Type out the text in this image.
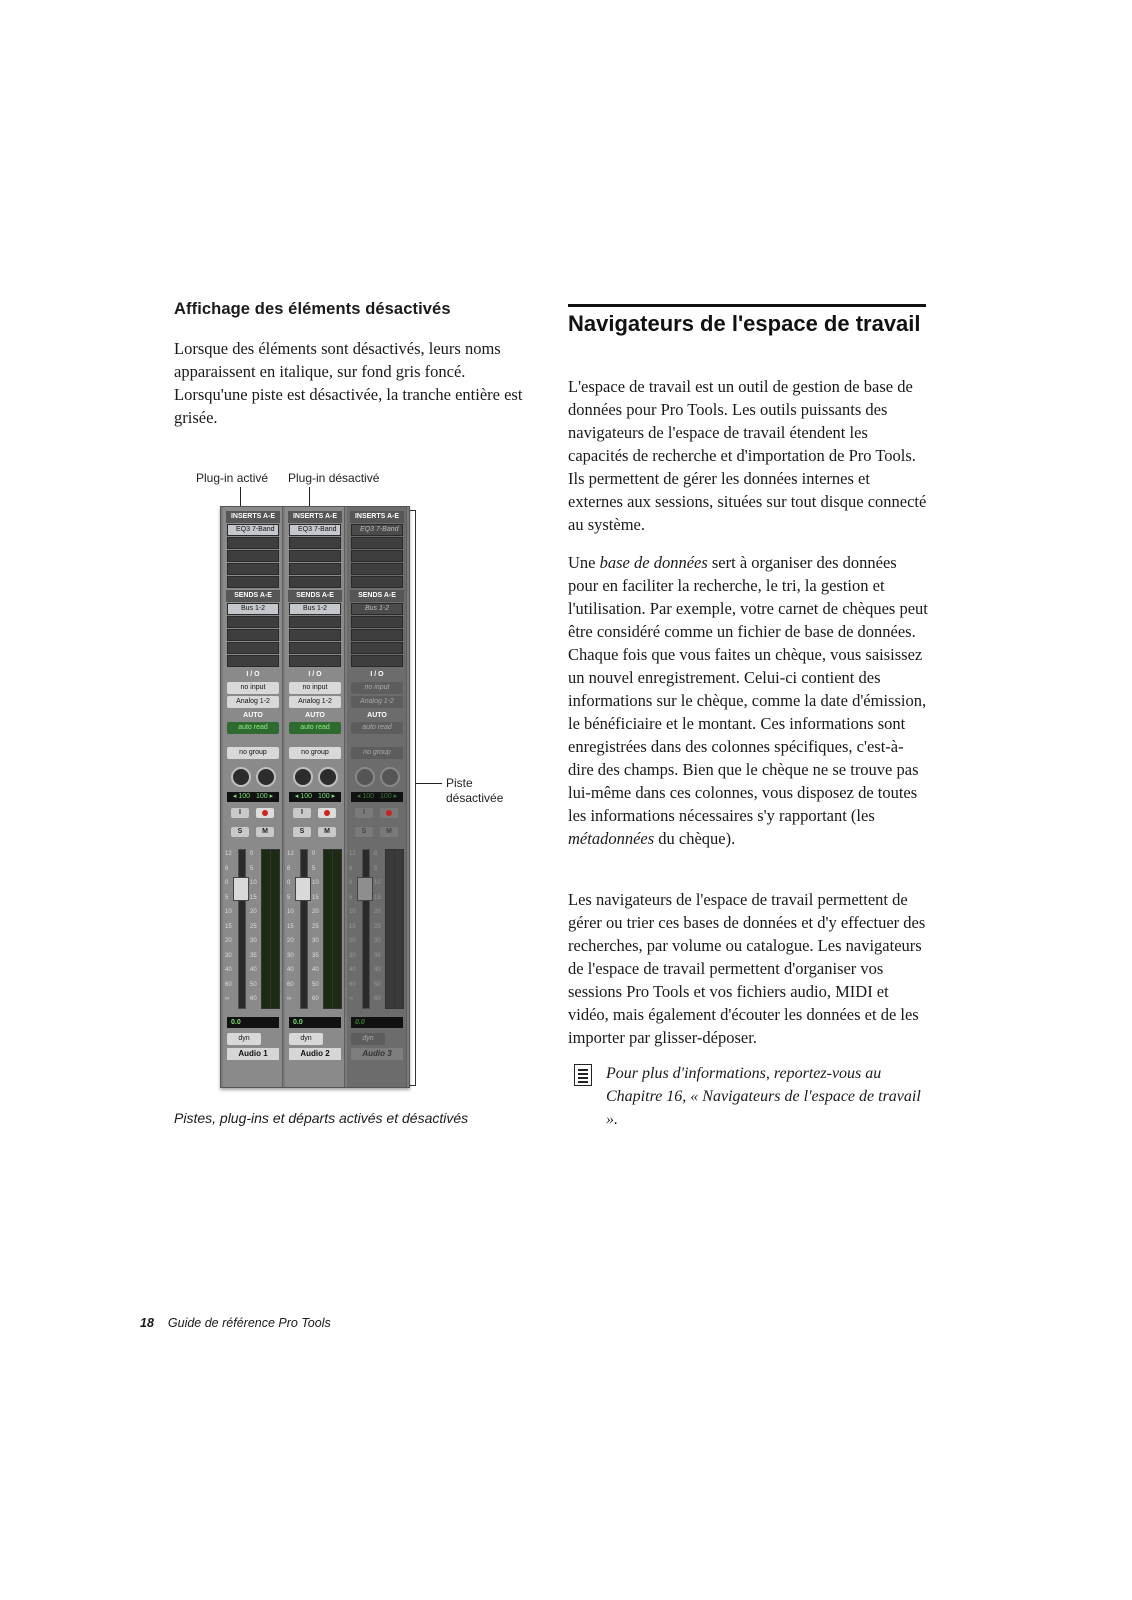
Affichage des éléments désactivés
Lorsque des éléments sont désactivés, leurs noms apparaissent en italique, sur fond gris foncé. Lorsqu'une piste est désactivée, la tranche entière est grisée.
Plug-in activé Plug-in désactivé
Piste
désactivée
INSERTS A-E
EQ3 7-Band
SENDS A-E
Bus 1-2
I / O
no input
Analog 1-2
AUTO
auto read
no group
◂ 100 100 ▸
I
S	M
12
6
0
5
10
15
20
30
40
60
∞
0
5
10
15
20
25
30
35
40
50
60
0.0
dyn
Audio 1
INSERTS A-E
EQ3 7-Band
SENDS A-E
Bus 1-2
I / O
no input
Analog 1-2
AUTO
auto read
no group
◂ 100 100 ▸
I
S	M
12
6
0
5
10
15
20
30
40
60
∞
0
5
10
15
20
25
30
35
40
50
60
0.0
dyn
Audio 2
INSERTS A-E
EQ3 7-Band
SENDS A-E
Bus 1-2
I / O
no input
Analog 1-2
AUTO
auto read
no group
◂ 100 100 ▸
I
S	M
12
6
0
5
10
15
20
30
40
60
∞
0
5
10
15
20
25
30
35
40
50
60
0.0
dyn
Audio 3
Pistes, plug-ins et départs activés et désactivés
Navigateurs de l'espace de travail
L'espace de travail est un outil de gestion de base de données pour Pro Tools. Les outils puissants des navigateurs de l'espace de travail étendent les capacités de recherche et d'importation de Pro Tools. Ils permettent de gérer les données internes et externes aux sessions, situées sur tout disque connecté au système.
Une base de données sert à organiser des données pour en faciliter la recherche, le tri, la gestion et l'utilisation. Par exemple, votre carnet de chèques peut être considéré comme un fichier de base de données. Chaque fois que vous faites un chèque, vous saisissez un nouvel enregistrement. Celui-ci contient des informations sur le chèque, comme la date d'émission, le bénéficiaire et le montant. Ces informations sont enregistrées dans des colonnes spécifiques, c'est-à-dire des champs. Bien que le chèque ne se trouve pas lui-même dans ces colonnes, vous disposez de toutes les informations nécessaires s'y rapportant (les métadonnées du chèque).
Les navigateurs de l'espace de travail permettent de gérer ou trier ces bases de données et d'y effectuer des recherches, par volume ou catalogue. Les navigateurs de l'espace de travail permettent d'organiser vos sessions Pro Tools et vos fichiers audio, MIDI et vidéo, mais également d'écouter les données et de les importer par glisser-déposer.
Pour plus d'informations, reportez-vous au Chapitre 16, « Navigateurs de l'espace de travail ».
18 Guide de référence Pro Tools
